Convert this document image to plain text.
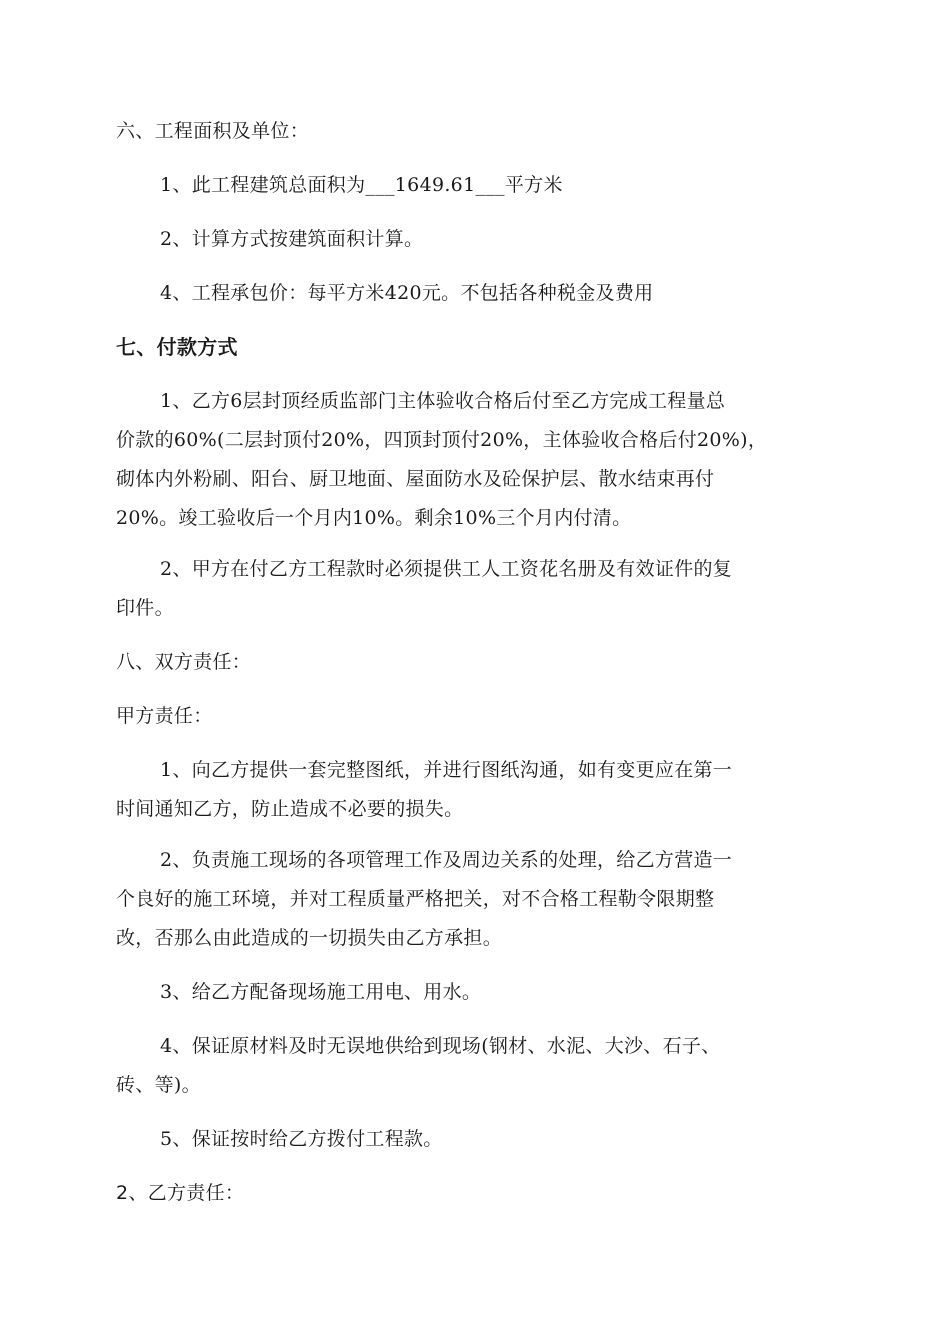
六、工程面积及单位：
1、此工程建筑总面积为___1649.61___平方米
2、计算方式按建筑面积计算。
4、工程承包价：每平方米420元。不包括各种税金及费用
七、付款方式
1、乙方6层封顶经质监部门主体验收合格后付至乙方完成工程量总
价款的60%(二层封顶付20%，四顶封顶付20%，主体验收合格后付20%)，
砌体内外粉刷、阳台、厨卫地面、屋面防水及砼保护层、散水结束再付
20%。竣工验收后一个月内10%。剩余10%三个月内付清。
2、甲方在付乙方工程款时必须提供工人工资花名册及有效证件的复
印件。
八、双方责任：
甲方责任：
1、向乙方提供一套完整图纸，并进行图纸沟通，如有变更应在第一
时间通知乙方，防止造成不必要的损失。
2、负责施工现场的各项管理工作及周边关系的处理，给乙方营造一
个良好的施工环境，并对工程质量严格把关，对不合格工程勒令限期整
改，否那么由此造成的一切损失由乙方承担。
3、给乙方配备现场施工用电、用水。
4、保证原材料及时无误地供给到现场(钢材、水泥、大沙、石子、
砖、等)。
5、保证按时给乙方拨付工程款。
2、乙方责任：
